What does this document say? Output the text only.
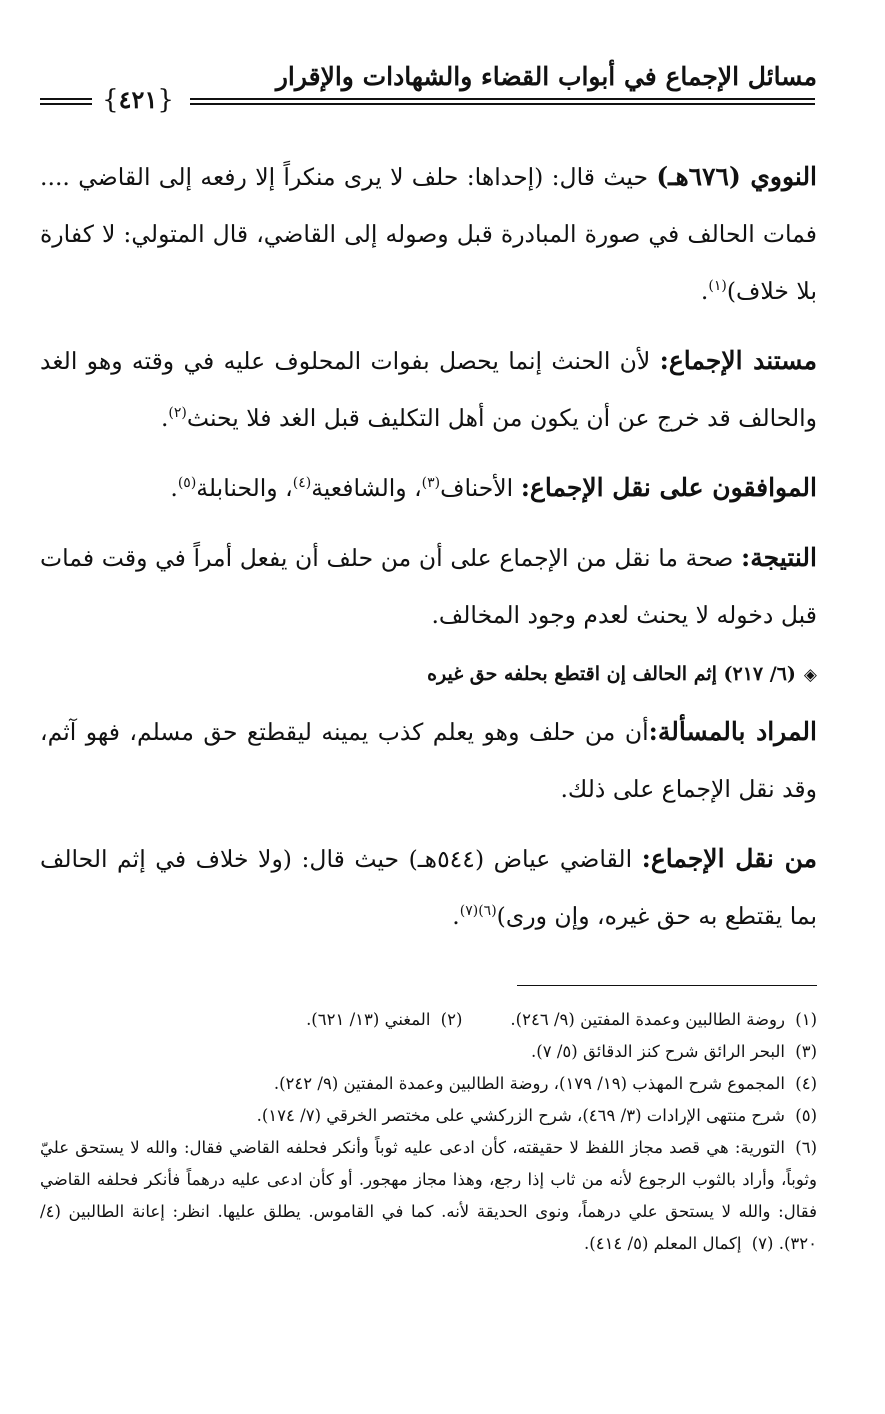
مسائل الإجماع في أبواب القضاء والشهادات والإقرار
{٤٢١}

النووي (٦٧٦هـ) حيث قال: (إحداها: حلف لا يرى منكراً إلا رفعه إلى القاضي .... فمات الحالف في صورة المبادرة قبل وصوله إلى القاضي، قال المتولي: لا كفارة بلا خلاف)$^{(١)}$.

مستند الإجماع: لأن الحنث إنما يحصل بفوات المحلوف عليه في وقته وهو الغد والحالف قد خرج عن أن يكون من أهل التكليف قبل الغد فلا يحنث$^{(٢)}$.

الموافقون على نقل الإجماع: الأحناف$^{(٣)}$، والشافعية$^{(٤)}$، والحنابلة$^{(٥)}$.

النتيجة: صحة ما نقل من الإجماع على أن من حلف أن يفعل أمراً في وقت فمات قبل دخوله لا يحنث لعدم وجود المخالف.

◈(٦/ ٢١٧) إثم الحالف إن اقتطع بحلفه حق غيره

المراد بالمسألة:أن من حلف وهو يعلم كذب يمينه ليقطتع حق مسلم، فهو آثم، وقد نقل الإجماع على ذلك.

من نقل الإجماع: القاضي عياض (٥٤٤هـ) حيث قال: (ولا خلاف في إثم الحالف بما يقتطع به حق غيره، وإن ورى)$^{(٦)(٧)}$.

(١)
روضة الطالبين وعمدة المفتين (٩/ ٢٤٦).
(٢)
المغني (١٣/ ٦٢١).
(٣)البحر الرائق شرح كنز الدقائق (٥/ ٧).
(٤)المجموع شرح المهذب (١٩/ ١٧٩)، روضة الطالبين وعمدة المفتين (٩/ ٢٤٢).
(٥)شرح منتهى الإرادات (٣/ ٤٦٩)، شرح الزركشي على مختصر الخرقي (٧/ ١٧٤).
(٦)التورية: هي قصد مجاز اللفظ لا حقيقته، كأن ادعى عليه ثوباً وأنكر فحلفه القاضي فقال: والله لا يستحق عليّ وثوباً، وأراد بالثوب الرجوع لأنه من ثاب إذا رجع، وهذا مجاز مهجور. أو كأن ادعى عليه درهماً فأنكر فحلفه القاضي فقال: والله لا يستحق علي درهماً، ونوى الحديقة لأنه. كما في القاموس. يطلق عليها. انظر: إعانة الطالبين (٤/ ٣٢٠). (٧)إكمال المعلم (٥/ ٤١٤).
